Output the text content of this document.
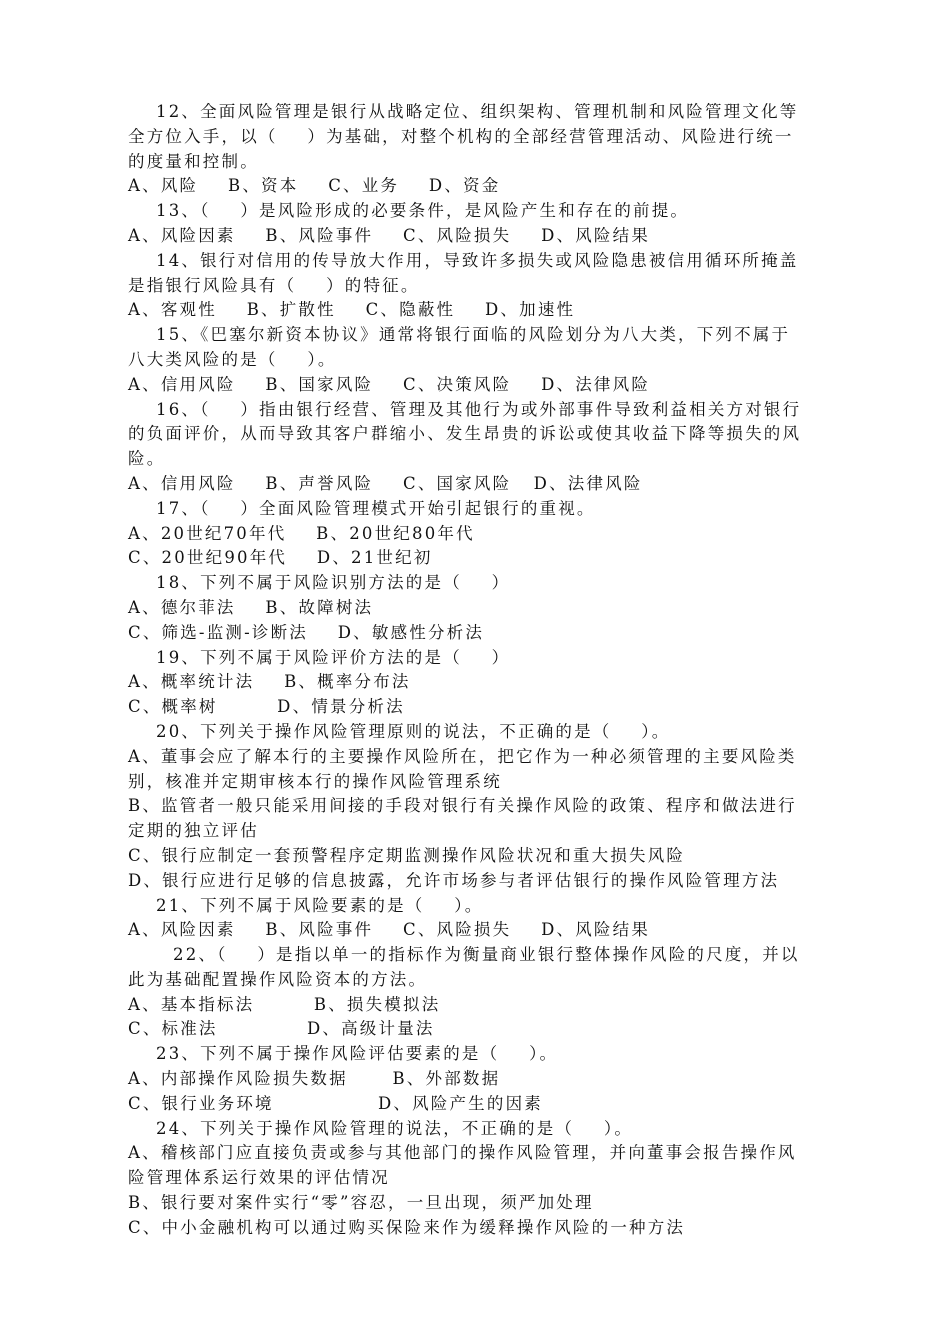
12、全面风险管理是银行从战略定位、组织架构、管理机制和风险管理文化等
全方位入手，以（    ）为基础，对整个机构的全部经营管理活动、风险进行统一
的度量和控制。
A、风险    B、资本    C、业务    D、资金
13、（    ）是风险形成的必要条件，是风险产生和存在的前提。
A、风险因素    B、风险事件    C、风险损失    D、风险结果
14、银行对信用的传导放大作用，导致许多损失或风险隐患被信用循环所掩盖
是指银行风险具有（    ）的特征。
A、客观性    B、扩散性    C、隐蔽性    D、加速性
15、《巴塞尔新资本协议》通常将银行面临的风险划分为八大类，下列不属于
八大类风险的是（    ）。
A、信用风险    B、国家风险    C、决策风险    D、法律风险
16、（    ）指由银行经营、管理及其他行为或外部事件导致利益相关方对银行
的负面评价，从而导致其客户群缩小、发生昂贵的诉讼或使其收益下降等损失的风
险。
A、信用风险    B、声誉风险    C、国家风险   D、法律风险
17、（    ）全面风险管理模式开始引起银行的重视。
A、20世纪70年代    B、20世纪80年代
C、20世纪90年代    D、21世纪初
18、下列不属于风险识别方法的是（    ）
A、德尔菲法    B、故障树法
C、筛选-监测-诊断法    D、敏感性分析法
19、下列不属于风险评价方法的是（    ）
A、概率统计法    B、概率分布法
C、概率树        D、情景分析法
20、下列关于操作风险管理原则的说法，不正确的是（    ）。
A、董事会应了解本行的主要操作风险所在，把它作为一种必须管理的主要风险类
别，核准并定期审核本行的操作风险管理系统
B、监管者一般只能采用间接的手段对银行有关操作风险的政策、程序和做法进行
定期的独立评估
C、银行应制定一套预警程序定期监测操作风险状况和重大损失风险
D、银行应进行足够的信息披露，允许市场参与者评估银行的操作风险管理方法
21、下列不属于风险要素的是（    ）。
A、风险因素    B、风险事件    C、风险损失    D、风险结果
22、（    ）是指以单一的指标作为衡量商业银行整体操作风险的尺度，并以
此为基础配置操作风险资本的方法。
A、基本指标法        B、损失模拟法
C、标准法            D、高级计量法
23、下列不属于操作风险评估要素的是（    ）。
A、内部操作风险损失数据      B、外部数据
C、银行业务环境              D、风险产生的因素
24、下列关于操作风险管理的说法，不正确的是（    ）。
A、稽核部门应直接负责或参与其他部门的操作风险管理，并向董事会报告操作风
险管理体系运行效果的评估情况
B、银行要对案件实行“零”容忍，一旦出现，须严加处理
C、中小金融机构可以通过购买保险来作为缓释操作风险的一种方法
